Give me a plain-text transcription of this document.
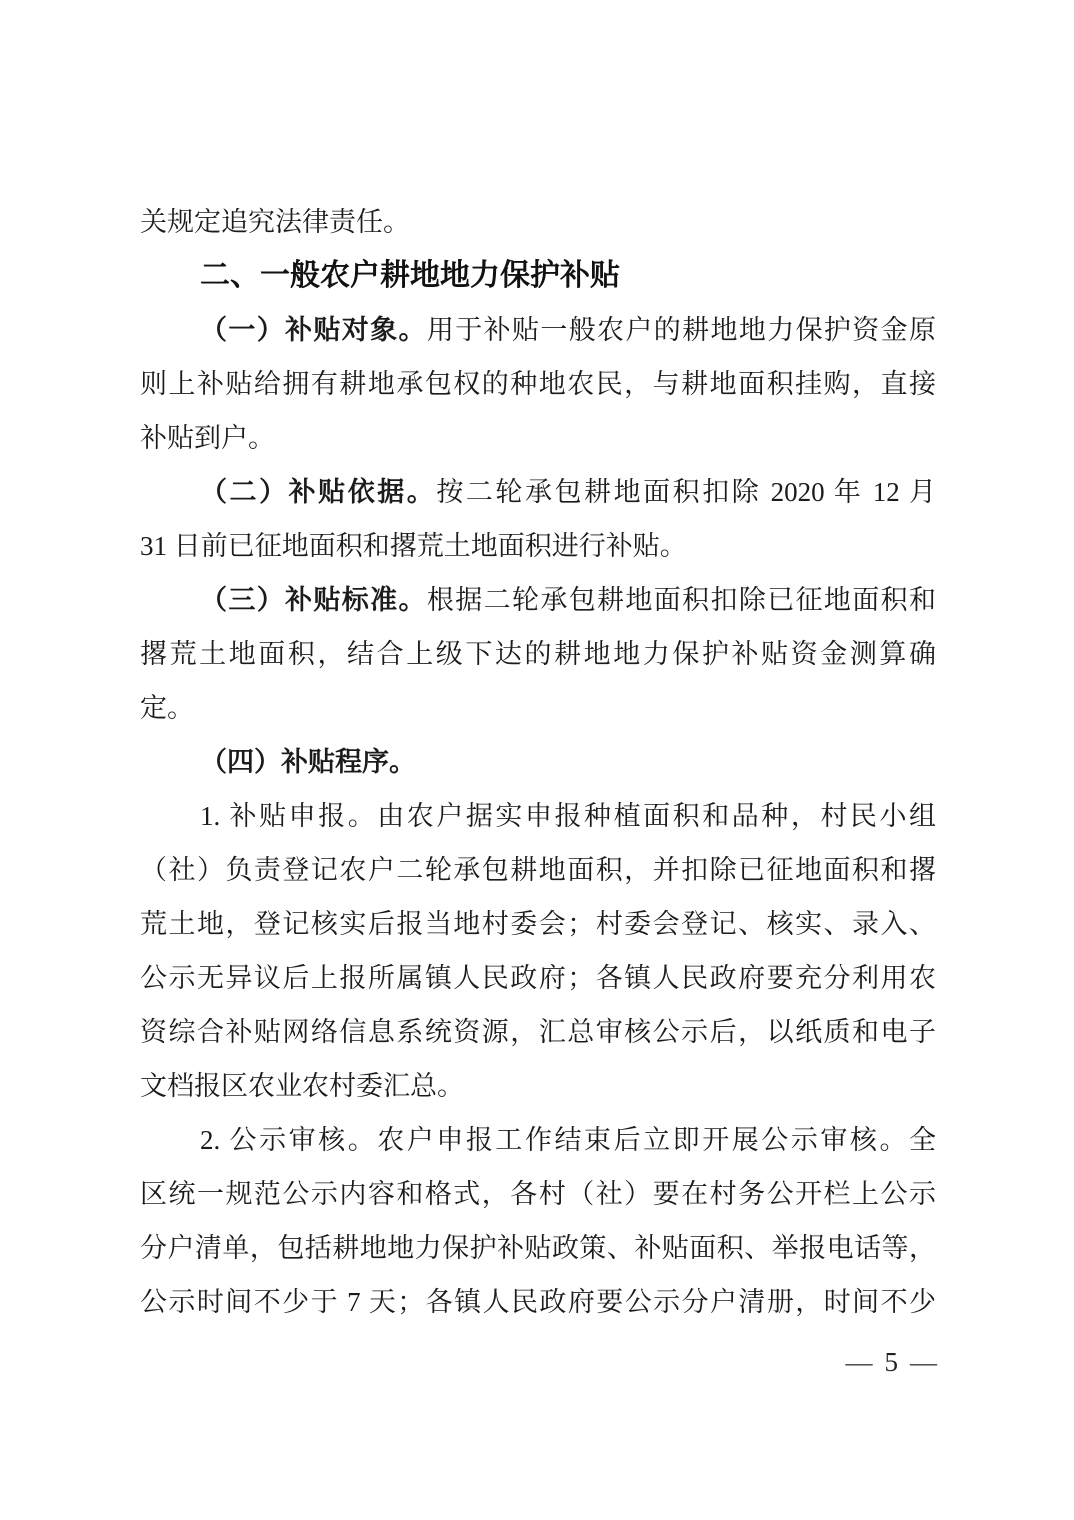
关规定追究法律责任。
二、一般农户耕地地力保护补贴
（一）补贴对象。用于补贴一般农户的耕地地力保护资金原
则上补贴给拥有耕地承包权的种地农民，与耕地面积挂购，直接
补贴到户。
（二）补贴依据。按二轮承包耕地面积扣除 2020 年 12 月
31 日前已征地面积和撂荒土地面积进行补贴。
（三）补贴标准。根据二轮承包耕地面积扣除已征地面积和
撂荒土地面积，结合上级下达的耕地地力保护补贴资金测算确
定。
（四）补贴程序。
1. 补贴申报。由农户据实申报种植面积和品种，村民小组
（社）负责登记农户二轮承包耕地面积，并扣除已征地面积和撂
荒土地，登记核实后报当地村委会；村委会登记、核实、录入、
公示无异议后上报所属镇人民政府；各镇人民政府要充分利用农
资综合补贴网络信息系统资源，汇总审核公示后，以纸质和电子
文档报区农业农村委汇总。
2. 公示审核。农户申报工作结束后立即开展公示审核。全
区统一规范公示内容和格式，各村（社）要在村务公开栏上公示
分户清单，包括耕地地力保护补贴政策、补贴面积、举报电话等，
公示时间不少于 7 天；各镇人民政府要公示分户清册，时间不少
— 5 —
